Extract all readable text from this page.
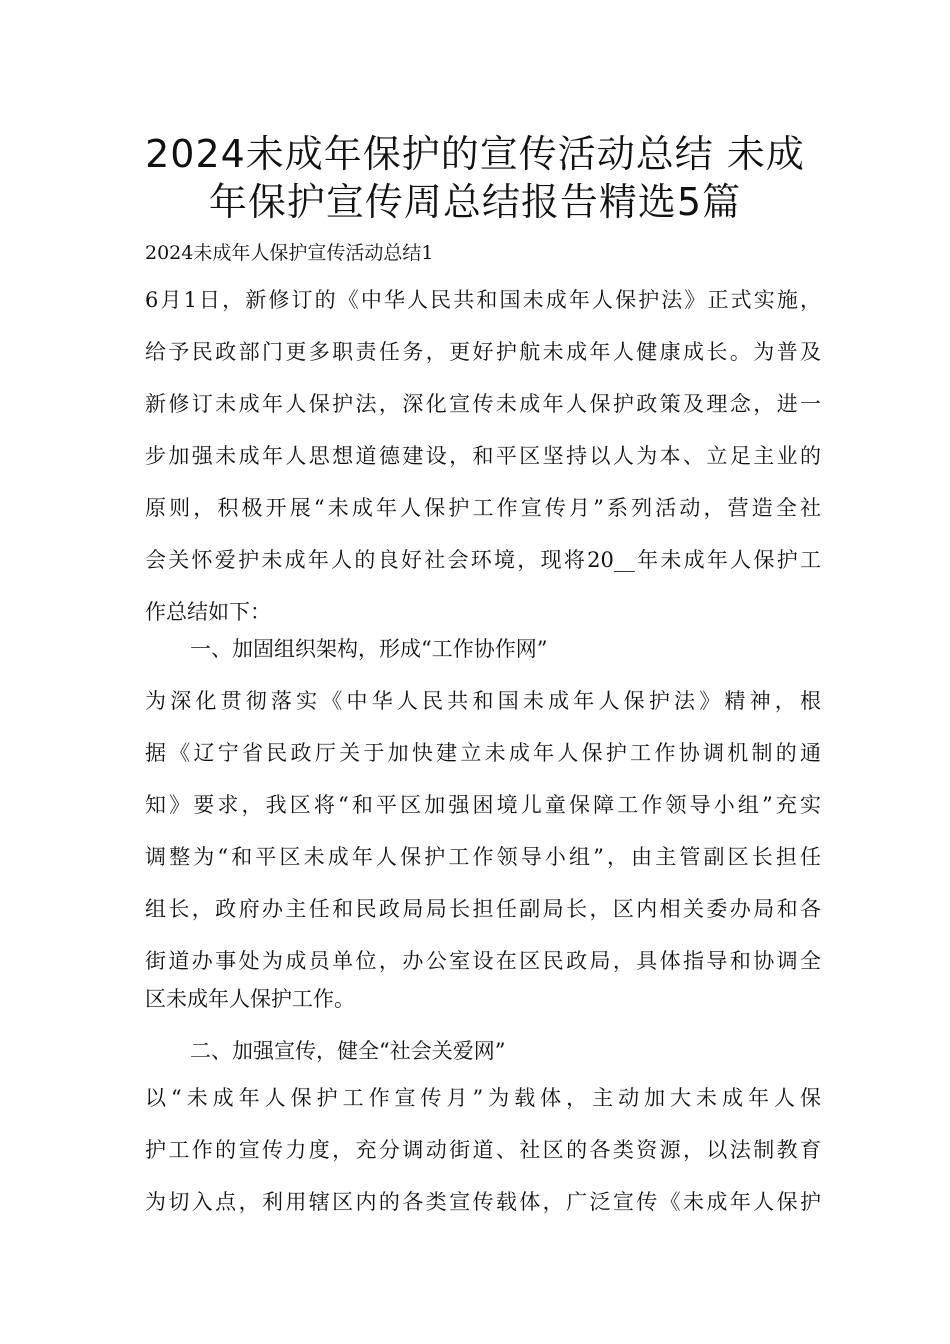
2024未成年保护的宣传活动总结 未成
年保护宣传周总结报告精选5篇
2024未成年人保护宣传活动总结1
6月1日，新修订的《中华人民共和国未成年人保护法》正式实施，
给予民政部门更多职责任务，更好护航未成年人健康成长。为普及
新修订未成年人保护法，深化宣传未成年人保护政策及理念，进一
步加强未成年人思想道德建设，和平区坚持以人为本、立足主业的
原则，积极开展“未成年人保护工作宣传月”系列活动，营造全社
会关怀爱护未成年人的良好社会环境，现将20__年未成年人保护工
作总结如下：
一、加固组织架构，形成“工作协作网”
为深化贯彻落实《中华人民共和国未成年人保护法》精神，根
据《辽宁省民政厅关于加快建立未成年人保护工作协调机制的通
知》要求，我区将“和平区加强困境儿童保障工作领导小组”充实
调整为“和平区未成年人保护工作领导小组”，由主管副区长担任
组长，政府办主任和民政局局长担任副局长，区内相关委办局和各
街道办事处为成员单位，办公室设在区民政局，具体指导和协调全
区未成年人保护工作。
二、加强宣传，健全“社会关爱网”
以“未成年人保护工作宣传月”为载体，主动加大未成年人保
护工作的宣传力度，充分调动街道、社区的各类资源，以法制教育
为切入点，利用辖区内的各类宣传载体，广泛宣传《未成年人保护
